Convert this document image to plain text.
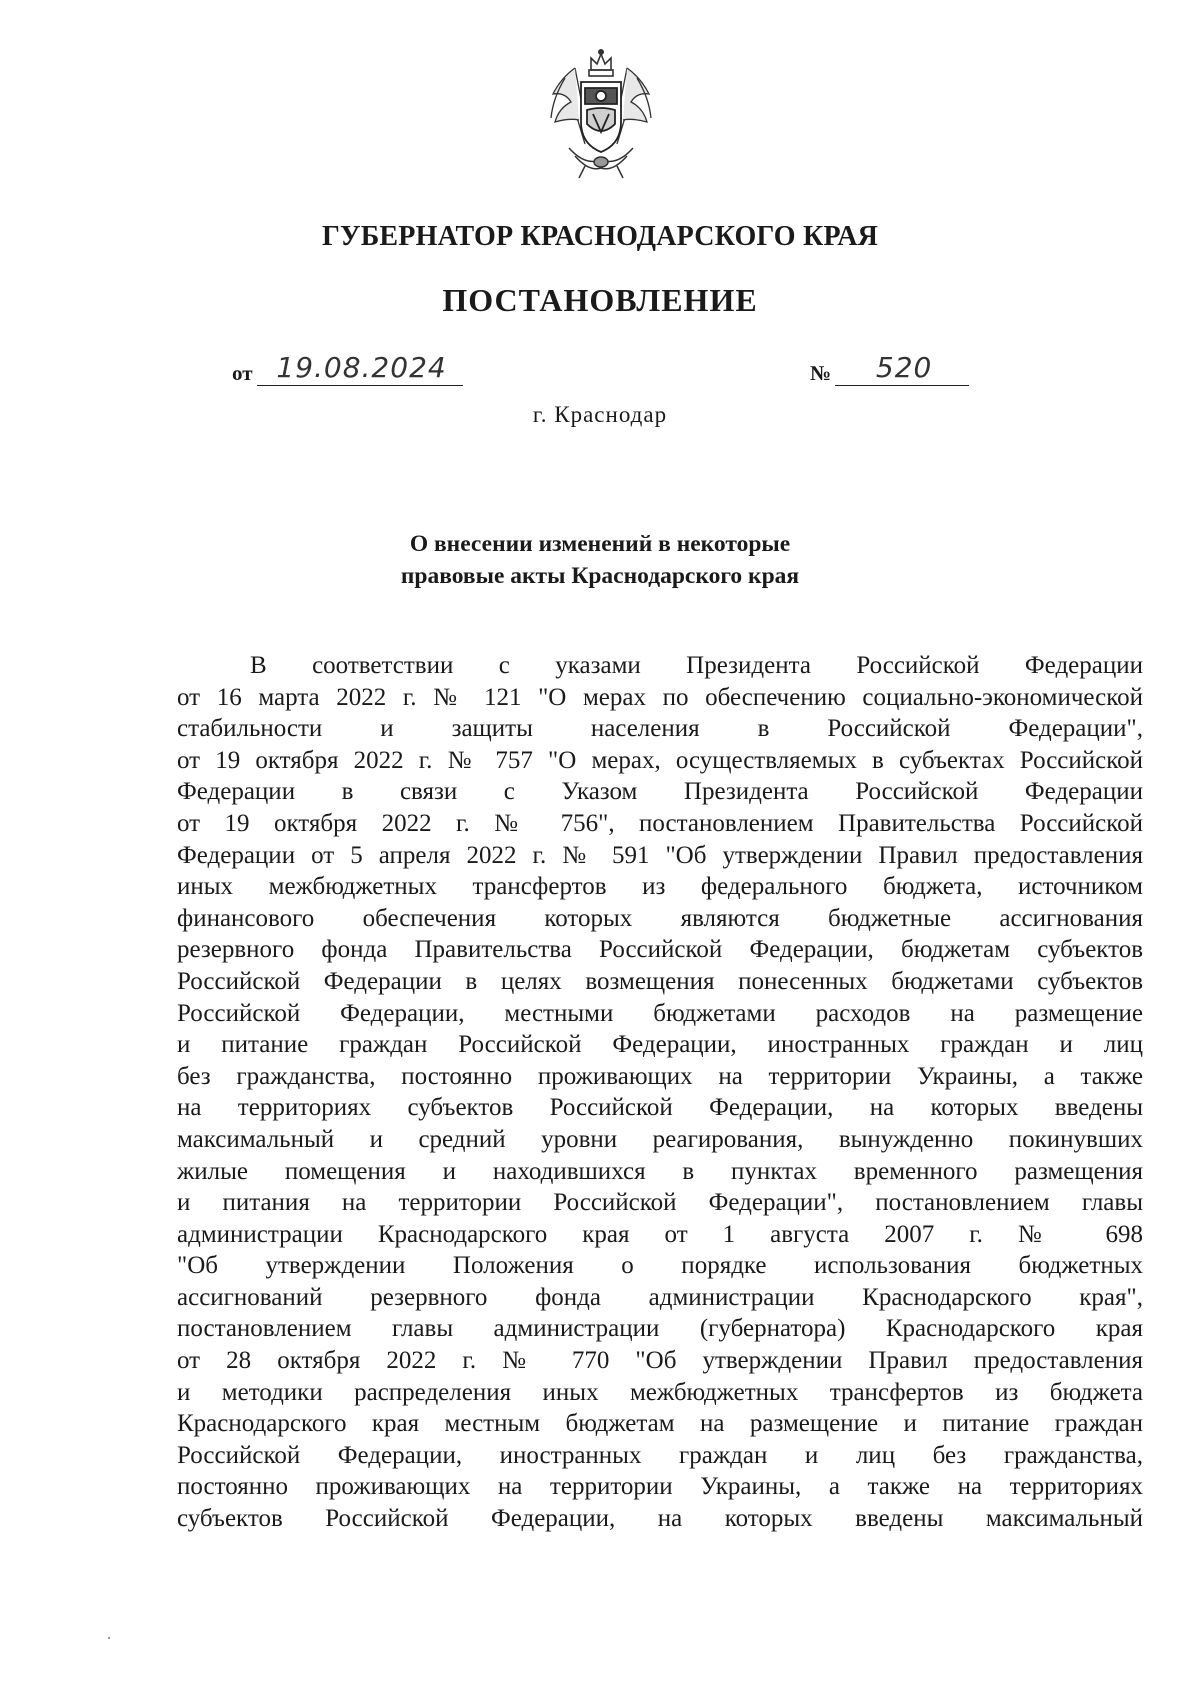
ГУБЕРНАТОР КРАСНОДАРСКОГО КРАЯ
ПОСТАНОВЛЕНИЕ
от 19.08.2024	№	520
г. Краснодар
О внесении изменений в некоторые
правовые акты Краснодарского края
В соответствии с указами Президента Российской Федерации
от 16 марта 2022 г. № 121 "О мерах по обеспечению социально-экономической
стабильности и защиты населения в Российской Федерации",
от 19 октября 2022 г. № 757 "О мерах, осуществляемых в субъектах Российской
Федерации в связи с Указом Президента Российской Федерации
от 19 октября 2022 г. № 756", постановлением Правительства Российской
Федерации от 5 апреля 2022 г. № 591 "Об утверждении Правил предоставления
иных межбюджетных трансфертов из федерального бюджета, источником
финансового обеспечения которых являются бюджетные ассигнования
резервного фонда Правительства Российской Федерации, бюджетам субъектов
Российской Федерации в целях возмещения понесенных бюджетами субъектов
Российской Федерации, местными бюджетами расходов на размещение
и питание граждан Российской Федерации, иностранных граждан и лиц
без гражданства, постоянно проживающих на территории Украины, а также
на территориях субъектов Российской Федерации, на которых введены
максимальный и средний уровни реагирования, вынужденно покинувших
жилые помещения и находившихся в пунктах временного размещения
и питания на территории Российской Федерации", постановлением главы
администрации Краснодарского края от 1 августа 2007 г. № 698
"Об утверждении Положения о порядке использования бюджетных
ассигнований резервного фонда администрации Краснодарского края",
постановлением главы администрации (губернатора) Краснодарского края
от 28 октября 2022 г. № 770 "Об утверждении Правил предоставления
и методики распределения иных межбюджетных трансфертов из бюджета
Краснодарского края местным бюджетам на размещение и питание граждан
Российской Федерации, иностранных граждан и лиц без гражданства,
постоянно проживающих на территории Украины, а также на территориях
субъектов Российской Федерации, на которых введены максимальный
